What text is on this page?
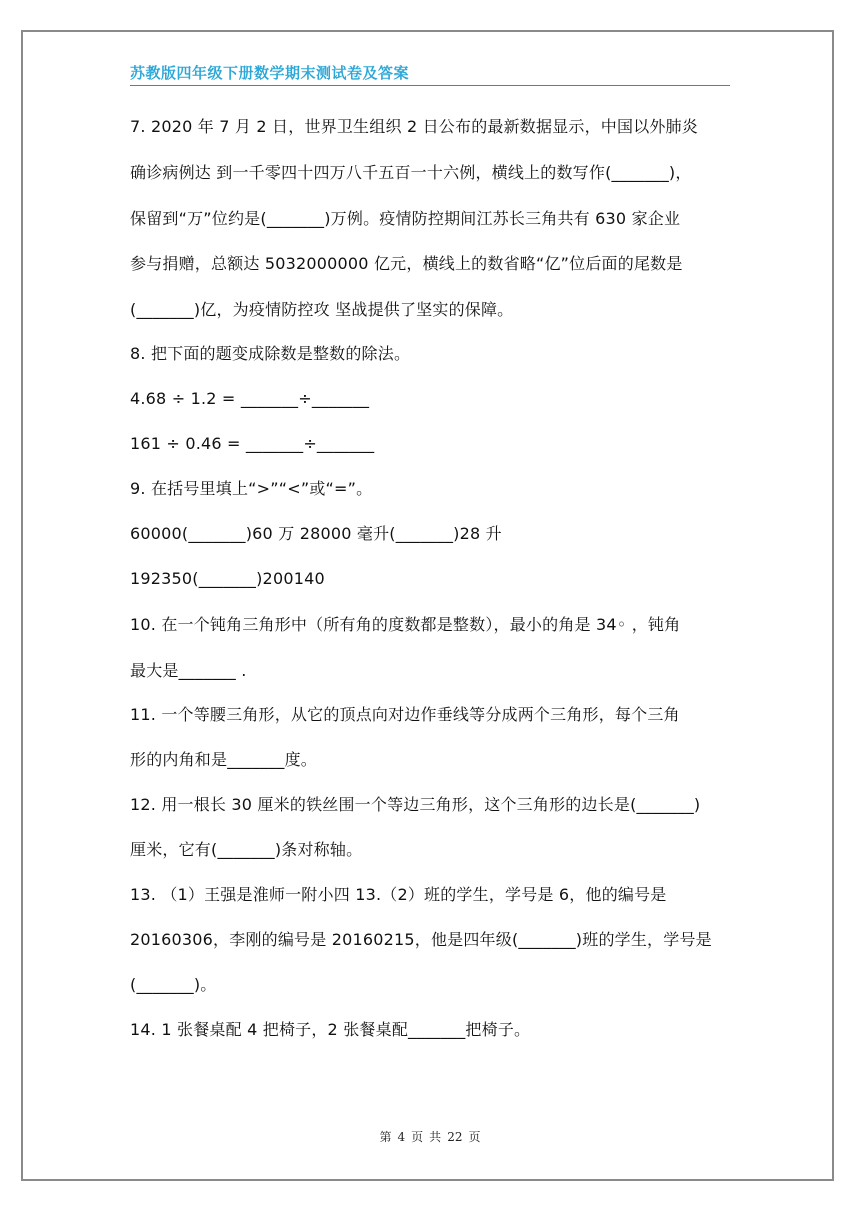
苏教版四年级下册数学期末测试卷及答案
7. 2020 年 7 月 2 日，世界卫生组织 2 日公布的最新数据显示，中国以外肺炎
确诊病例达 到一千零四十四万八千五百一十六例，横线上的数写作(_______)，
保留到“万”位约是(_______)万例。疫情防控期间江苏长三角共有 630 家企业
参与捐赠，总额达 5032000000 亿元，横线上的数省略“亿”位后面的尾数是
(_______)亿，为疫情防控攻 坚战提供了坚实的保障。
8. 把下面的题变成除数是整数的除法。
4.68 ÷ 1.2 = _______÷_______
161 ÷ 0.46 = _______÷_______
9. 在括号里填上“>”“<”或“=”。
60000(_______)60 万 28000 毫升(_______)28 升
192350(_______)200140
10. 在一个钝角三角形中（所有角的度数都是整数），最小的角是 34◦ ，钝角
最大是_______ .
11. 一个等腰三角形，从它的顶点向对边作垂线等分成两个三角形，每个三角
形的内角和是_______度。
12. 用一根长 30 厘米的铁丝围一个等边三角形，这个三角形的边长是(_______)
厘米，它有(_______)条对称轴。
13. （1）王强是淮师一附小四 13.（2）班的学生，学号是 6，他的编号是
20160306，李刚的编号是 20160215，他是四年级(_______)班的学生，学号是
(_______)。
14. 1 张餐桌配 4 把椅子，2 张餐桌配_______把椅子。
第 4 页 共 22 页
